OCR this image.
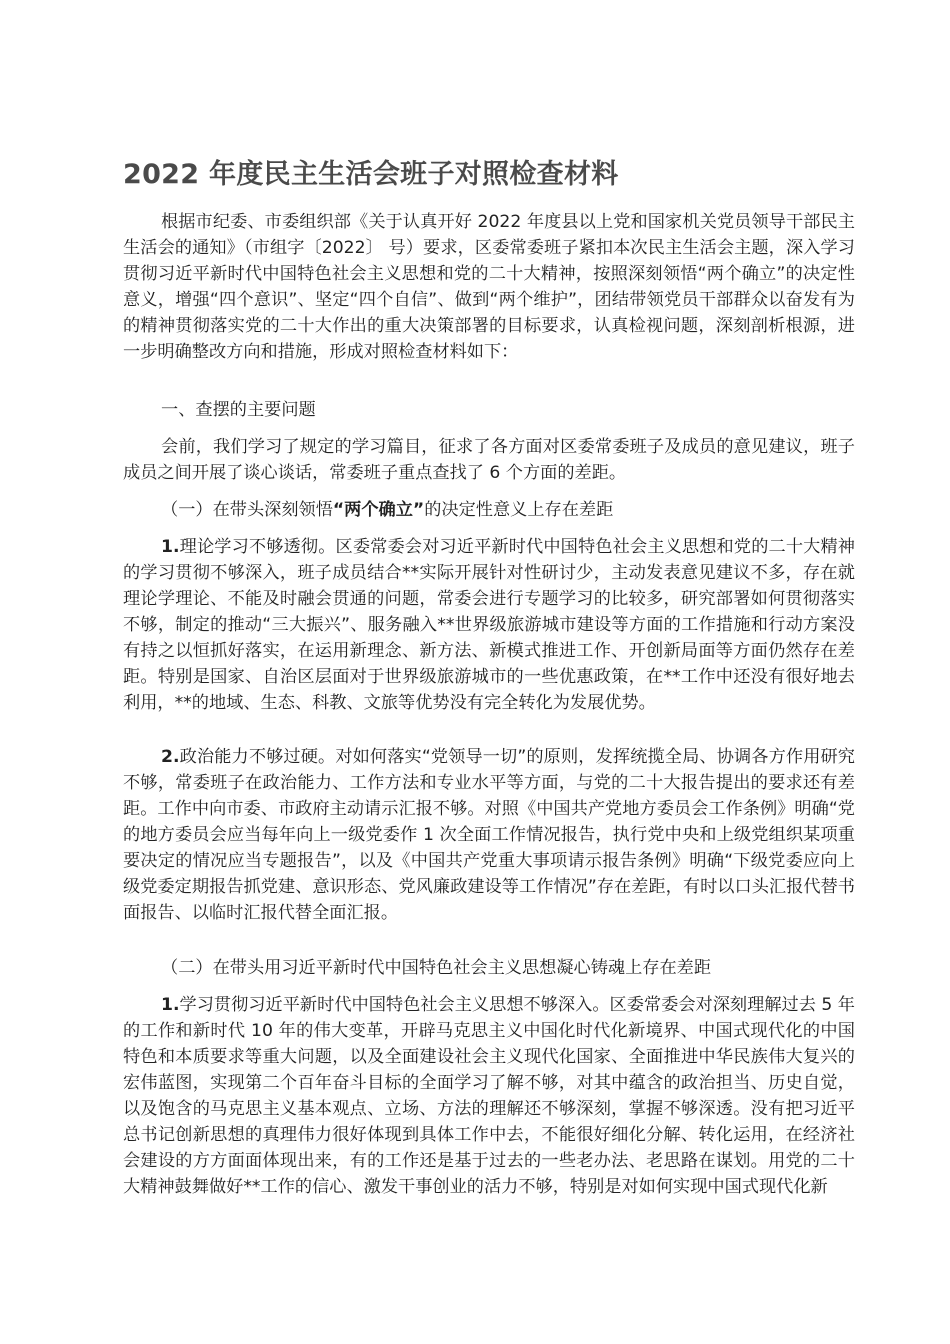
2022 年度民主生活会班子对照检查材料

根据市纪委、市委组织部《关于认真开好 2022 年度县以上党和国家机关党员领导干部民主生活会的通知》（市组字〔2022〕 号）要求，区委常委班子紧扣本次民主生活会主题，深入学习贯彻习近平新时代中国特色社会主义思想和党的二十大精神，按照深刻领悟“两个确立”的决定性意义，增强“四个意识”、坚定“四个自信”、做到“两个维护”，团结带领党员干部群众以奋发有为的精神贯彻落实党的二十大作出的重大决策部署的目标要求，认真检视问题，深刻剖析根源，进一步明确整改方向和措施，形成对照检查材料如下：

一、查摆的主要问题

会前，我们学习了规定的学习篇目，征求了各方面对区委常委班子及成员的意见建议，班子成员之间开展了谈心谈话，常委班子重点查找了 6 个方面的差距。

（一）在带头深刻领悟“两个确立”的决定性意义上存在差距

1.理论学习不够透彻。区委常委会对习近平新时代中国特色社会主义思想和党的二十大精神的学习贯彻不够深入，班子成员结合**实际开展针对性研讨少，主动发表意见建议不多，存在就理论学理论、不能及时融会贯通的问题，常委会进行专题学习的比较多，研究部署如何贯彻落实不够，制定的推动“三大振兴”、服务融入**世界级旅游城市建设等方面的工作措施和行动方案没有持之以恒抓好落实，在运用新理念、新方法、新模式推进工作、开创新局面等方面仍然存在差距。特别是国家、自治区层面对于世界级旅游城市的一些优惠政策，在**工作中还没有很好地去利用，**的地域、生态、科教、文旅等优势没有完全转化为发展优势。

2.政治能力不够过硬。对如何落实“党领导一切”的原则，发挥统揽全局、协调各方作用研究不够，常委班子在政治能力、工作方法和专业水平等方面，与党的二十大报告提出的要求还有差距。工作中向市委、市政府主动请示汇报不够。对照《中国共产党地方委员会工作条例》明确“党的地方委员会应当每年向上一级党委作 1 次全面工作情况报告，执行党中央和上级党组织某项重要决定的情况应当专题报告”，以及《中国共产党重大事项请示报告条例》明确“下级党委应向上级党委定期报告抓党建、意识形态、党风廉政建设等工作情况”存在差距，有时以口头汇报代替书面报告、以临时汇报代替全面汇报。

（二）在带头用习近平新时代中国特色社会主义思想凝心铸魂上存在差距

1.学习贯彻习近平新时代中国特色社会主义思想不够深入。区委常委会对深刻理解过去 5 年的工作和新时代 10 年的伟大变革，开辟马克思主义中国化时代化新境界、中国式现代化的中国特色和本质要求等重大问题，以及全面建设社会主义现代化国家、全面推进中华民族伟大复兴的宏伟蓝图，实现第二个百年奋斗目标的全面学习了解不够，对其中蕴含的政治担当、历史自觉，以及饱含的马克思主义基本观点、立场、方法的理解还不够深刻，掌握不够深透。没有把习近平总书记创新思想的真理伟力很好体现到具体工作中去，不能很好细化分解、转化运用，在经济社会建设的方方面面体现出来，有的工作还是基于过去的一些老办法、老思路在谋划。用党的二十大精神鼓舞做好**工作的信心、激发干事创业的活力不够，特别是对如何实现中国式现代化新
